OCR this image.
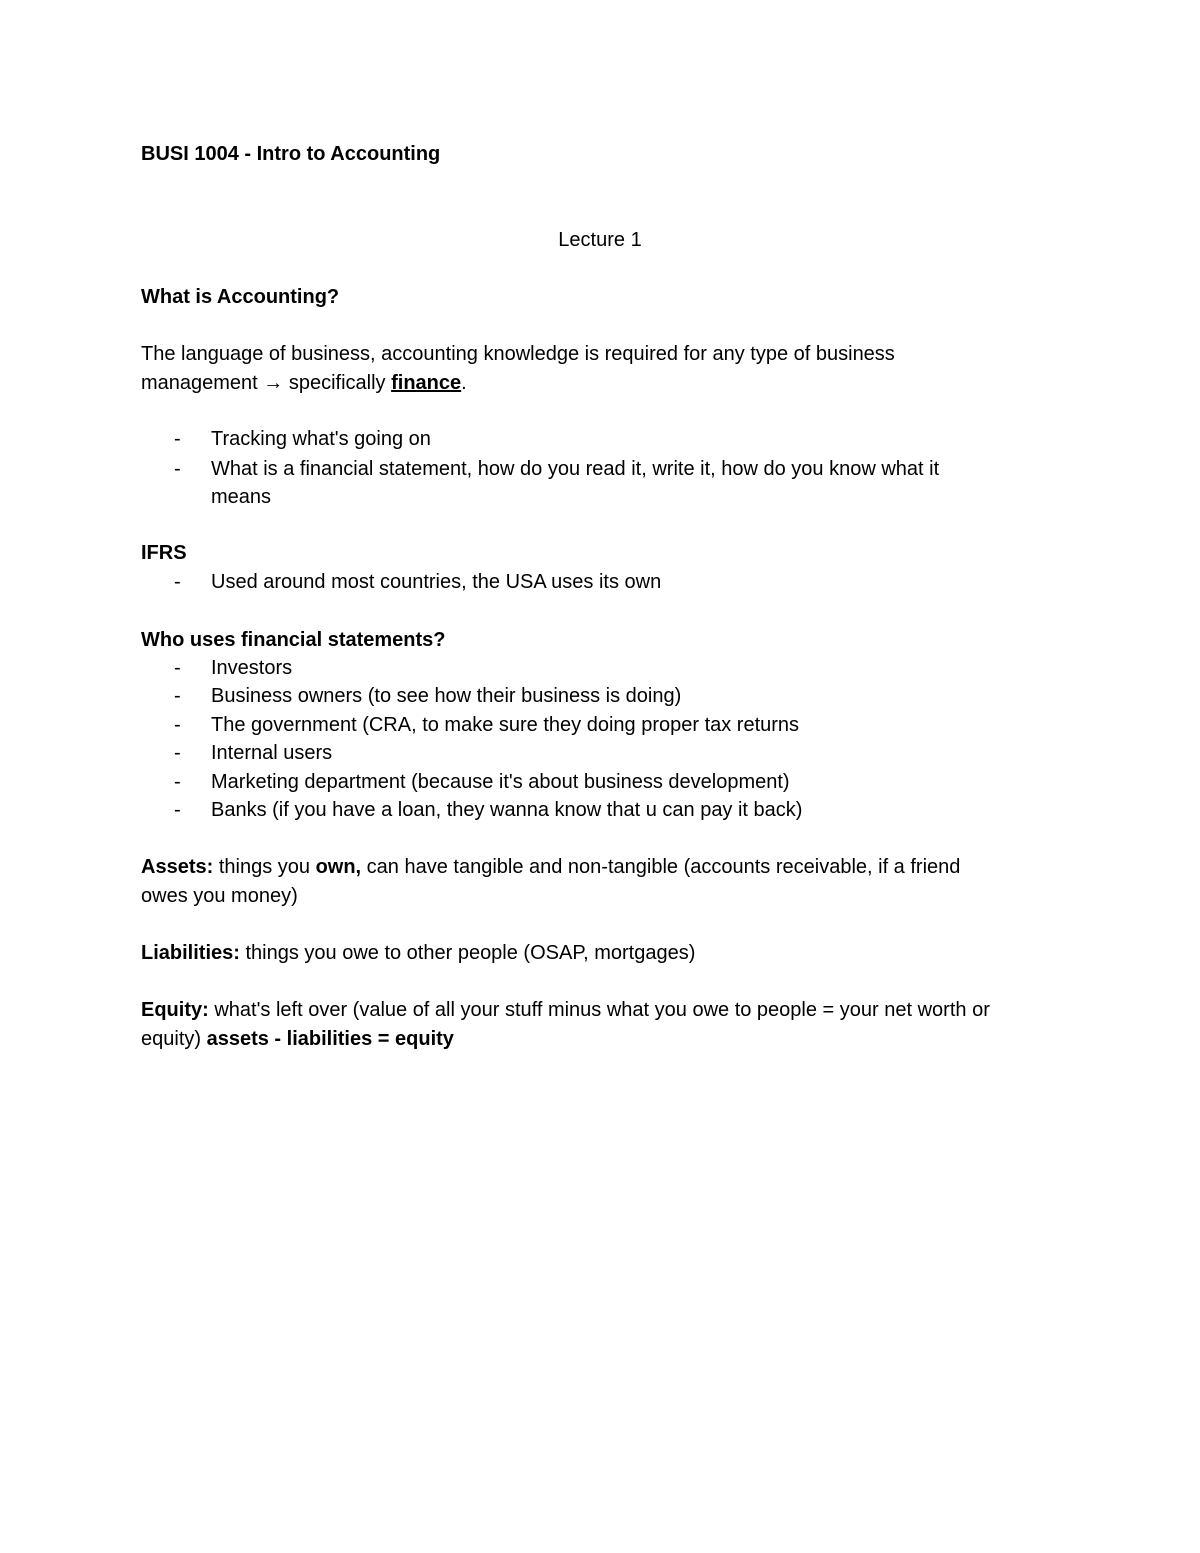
BUSI 1004 - Intro to Accounting
Lecture 1
What is Accounting?
The language of business, accounting knowledge is required for any type of business
management → specifically finance.
- Tracking what's going on
- What is a financial statement, how do you read it, write it, how do you know what it
means
IFRS
- Used around most countries, the USA uses its own
Who uses financial statements?
- Investors
- Business owners (to see how their business is doing)
- The government (CRA, to make sure they doing proper tax returns
- Internal users
- Marketing department (because it's about business development)
- Banks (if you have a loan, they wanna know that u can pay it back)
Assets: things you own, can have tangible and non-tangible (accounts receivable, if a friend
owes you money)
Liabilities: things you owe to other people (OSAP, mortgages)
Equity: what's left over (value of all your stuff minus what you owe to people = your net worth or
equity) assets - liabilities = equity
